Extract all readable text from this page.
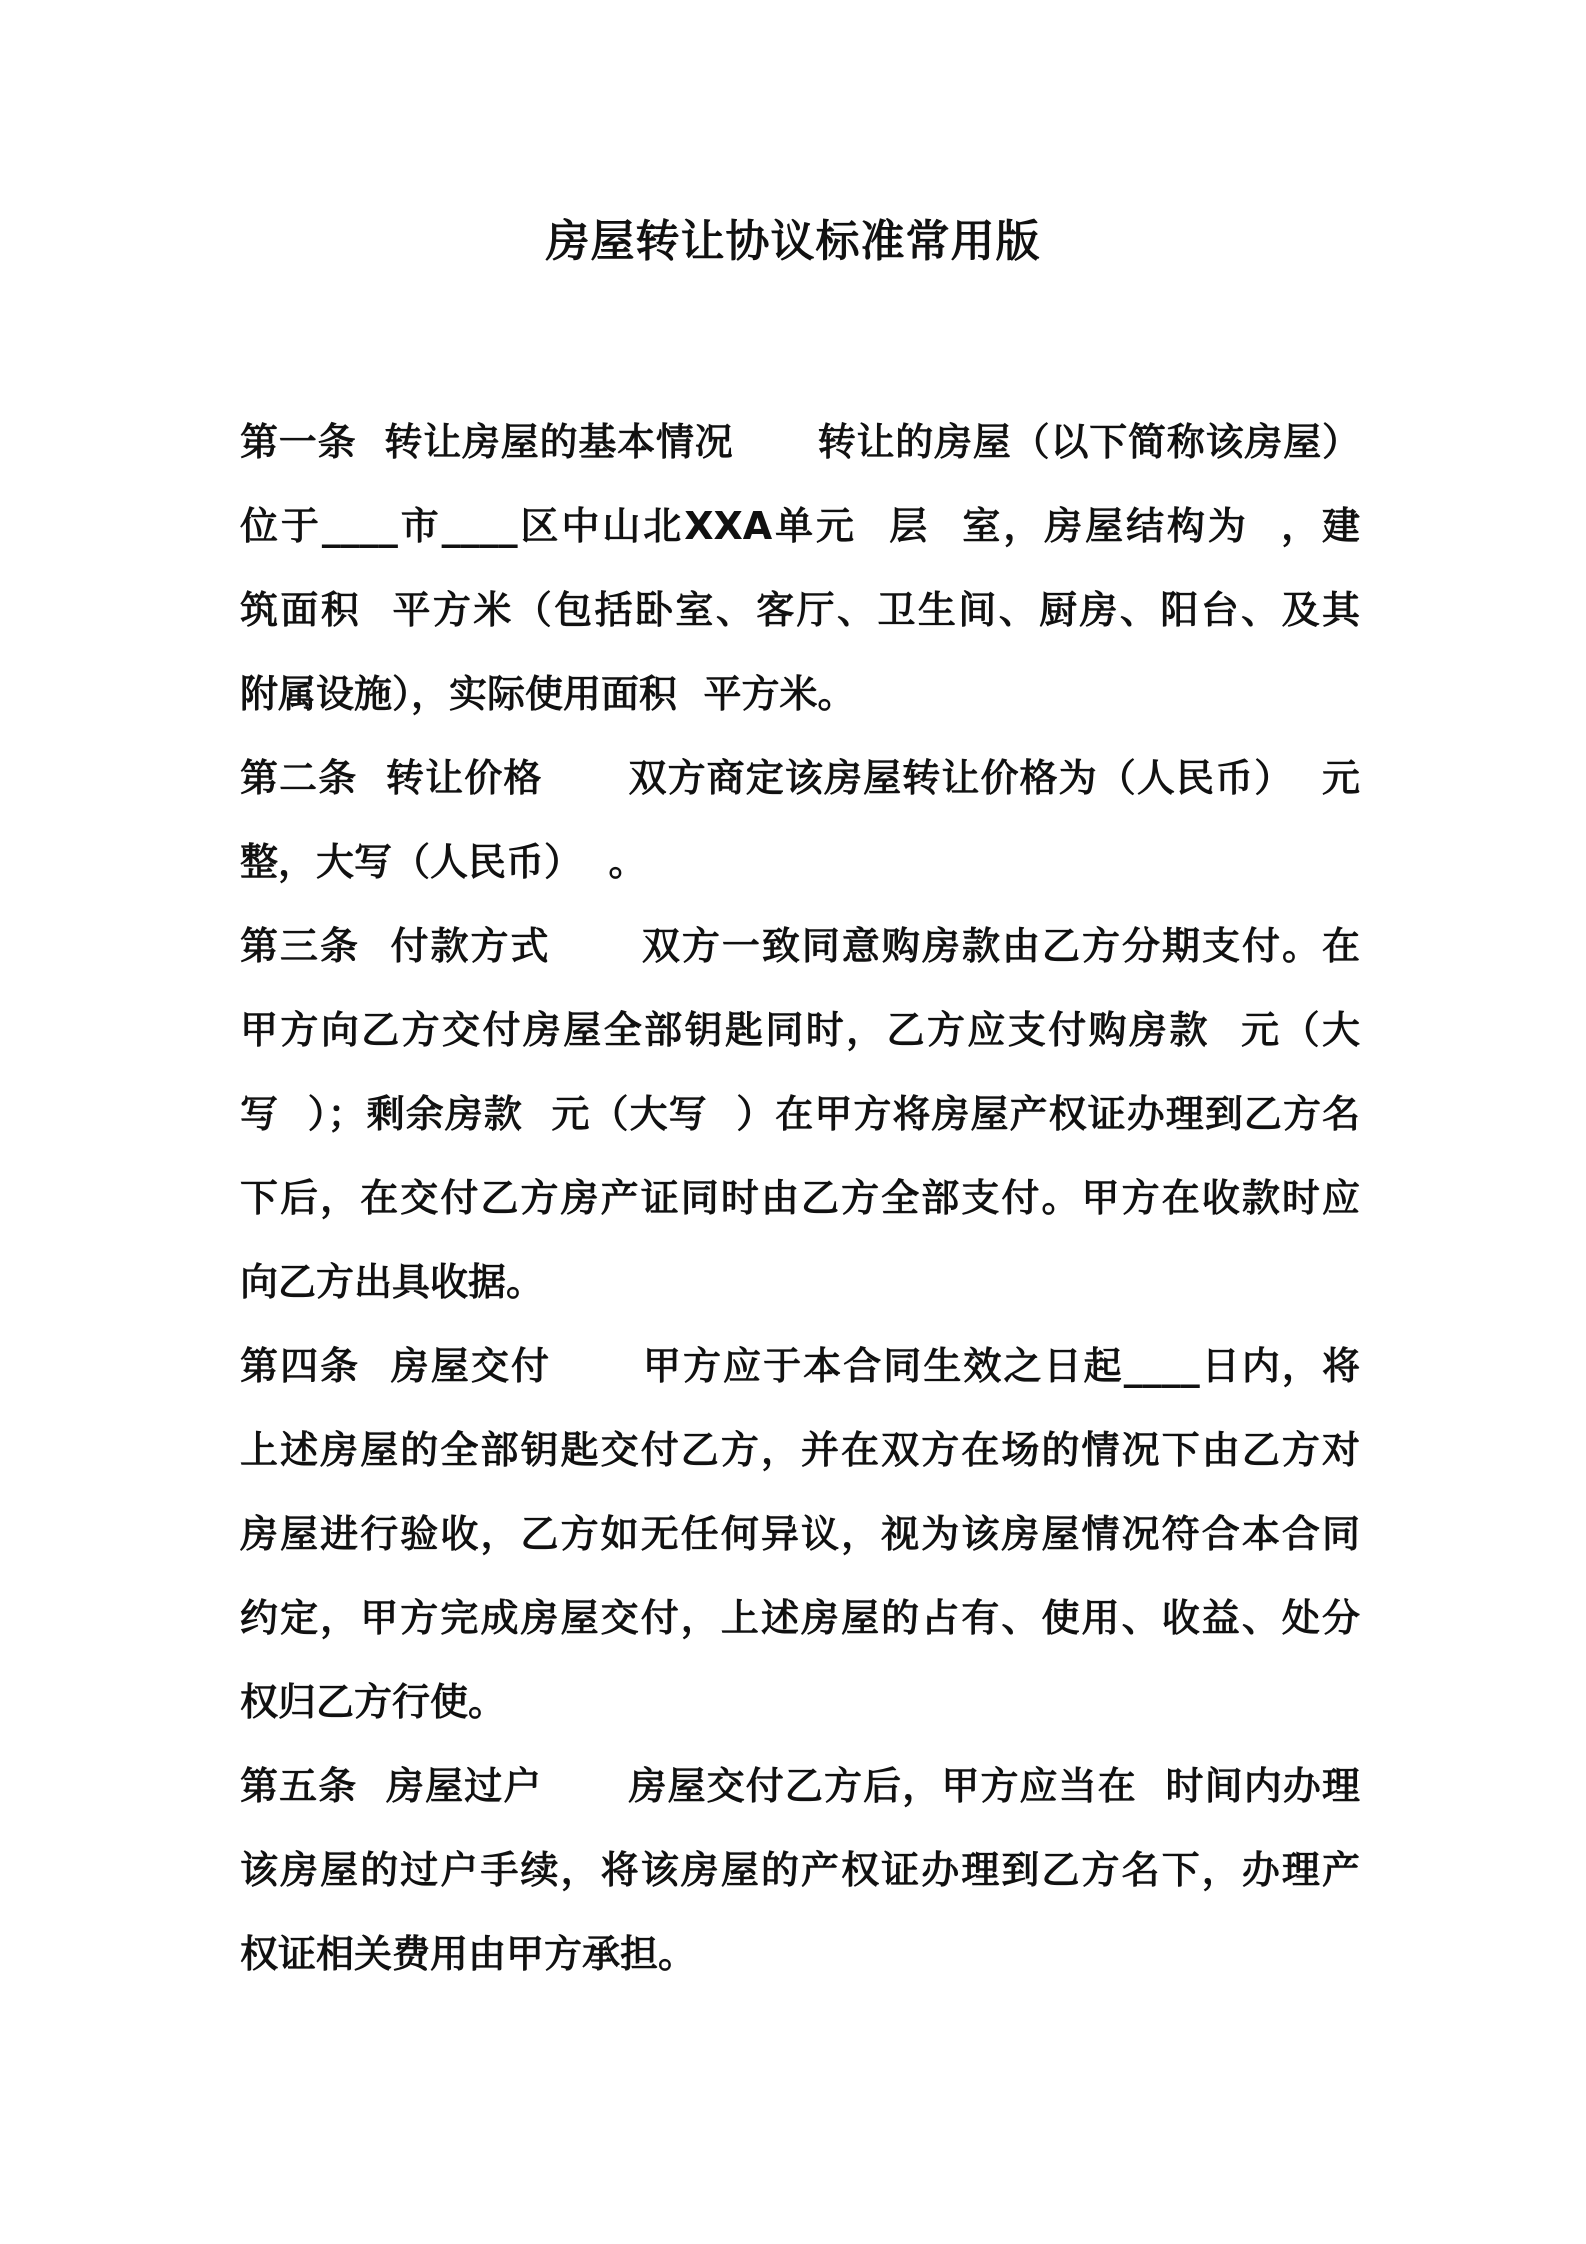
房屋转让协议标准常用版
第一条  转让房屋的基本情况      转让的房屋（以下简称该房屋）
位于____市____区中山北XXA单元  层  室，房屋结构为  ，建
筑面积  平方米（包括卧室、客厅、卫生间、厨房、阳台、及其
附属设施），实际使用面积  平方米。
第二条  转让价格      双方商定该房屋转让价格为（人民币）  元
整，大写（人民币）  。
第三条  付款方式      双方一致同意购房款由乙方分期支付。在
甲方向乙方交付房屋全部钥匙同时，乙方应支付购房款  元（大
写  ）；剩余房款  元（大写  ）在甲方将房屋产权证办理到乙方名
下后，在交付乙方房产证同时由乙方全部支付。甲方在收款时应
向乙方出具收据。
第四条  房屋交付      甲方应于本合同生效之日起____日内，将
上述房屋的全部钥匙交付乙方，并在双方在场的情况下由乙方对
房屋进行验收，乙方如无任何异议，视为该房屋情况符合本合同
约定，甲方完成房屋交付，上述房屋的占有、使用、收益、处分
权归乙方行使。
第五条  房屋过户      房屋交付乙方后，甲方应当在  时间内办理
该房屋的过户手续，将该房屋的产权证办理到乙方名下，办理产
权证相关费用由甲方承担。
